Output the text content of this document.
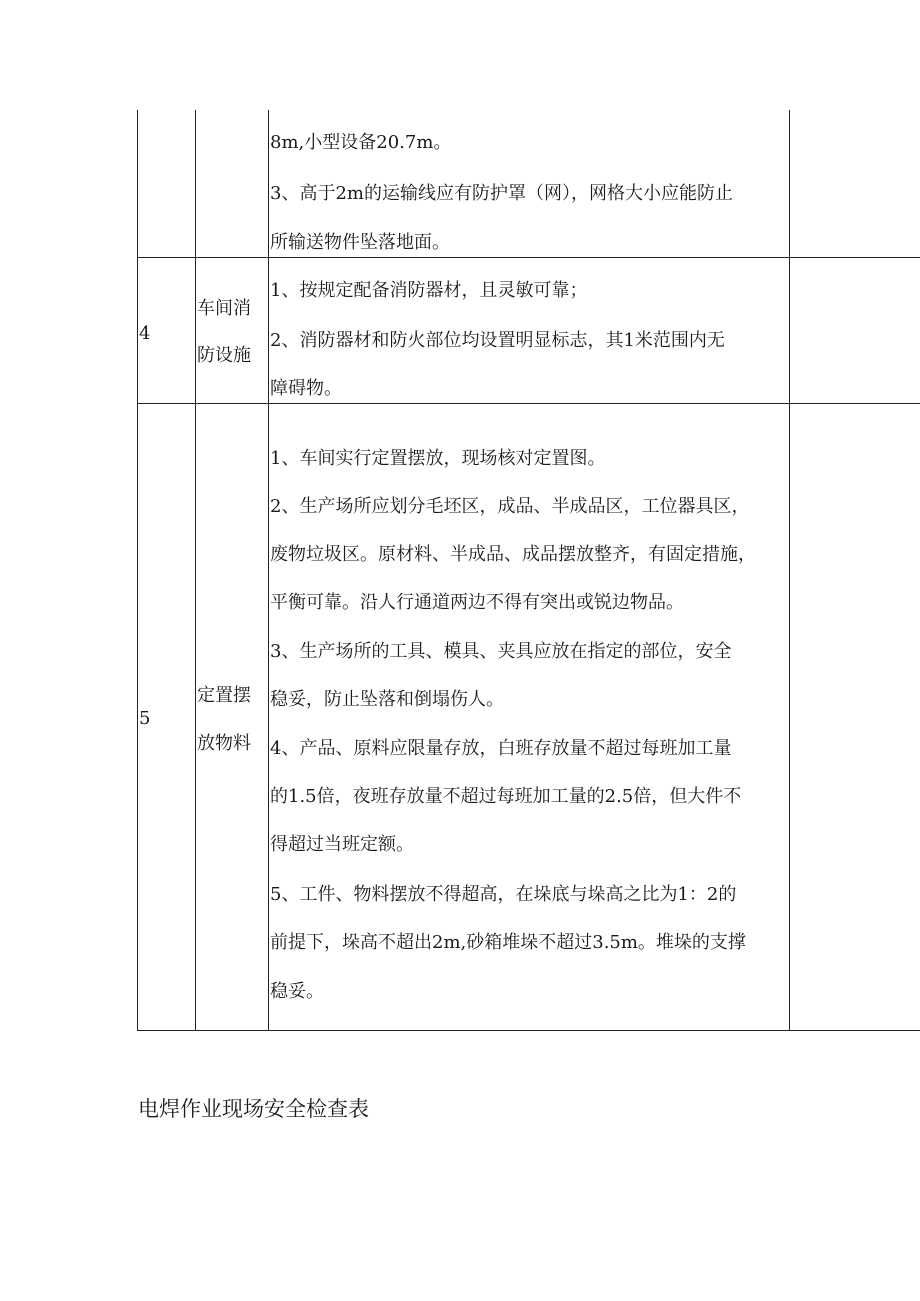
8m,小型设备20.7m。
3、高于2m的运输线应有防护罩（网），网格大小应能防止
所输送物件坠落地面。
4
车间消
防设施
1、按规定配备消防器材，且灵敏可靠；
2、消防器材和防火部位均设置明显标志，其1米范围内无
障碍物。
5
定置摆
放物料
1、车间实行定置摆放，现场核对定置图。
2、生产场所应划分毛坯区，成品、半成品区，工位器具区，
废物垃圾区。原材料、半成品、成品摆放整齐，有固定措施，
平衡可靠。沿人行通道两边不得有突出或锐边物品。
3、生产场所的工具、模具、夹具应放在指定的部位，安全
稳妥，防止坠落和倒塌伤人。
4、产品、原料应限量存放，白班存放量不超过每班加工量
的1.5倍，夜班存放量不超过每班加工量的2.5倍，但大件不
得超过当班定额。
5、工件、物料摆放不得超高，在垛底与垛高之比为1：2的
前提下，垛高不超出2m,砂箱堆垛不超过3.5m。堆垛的支撑
稳妥。
电焊作业现场安全检查表
